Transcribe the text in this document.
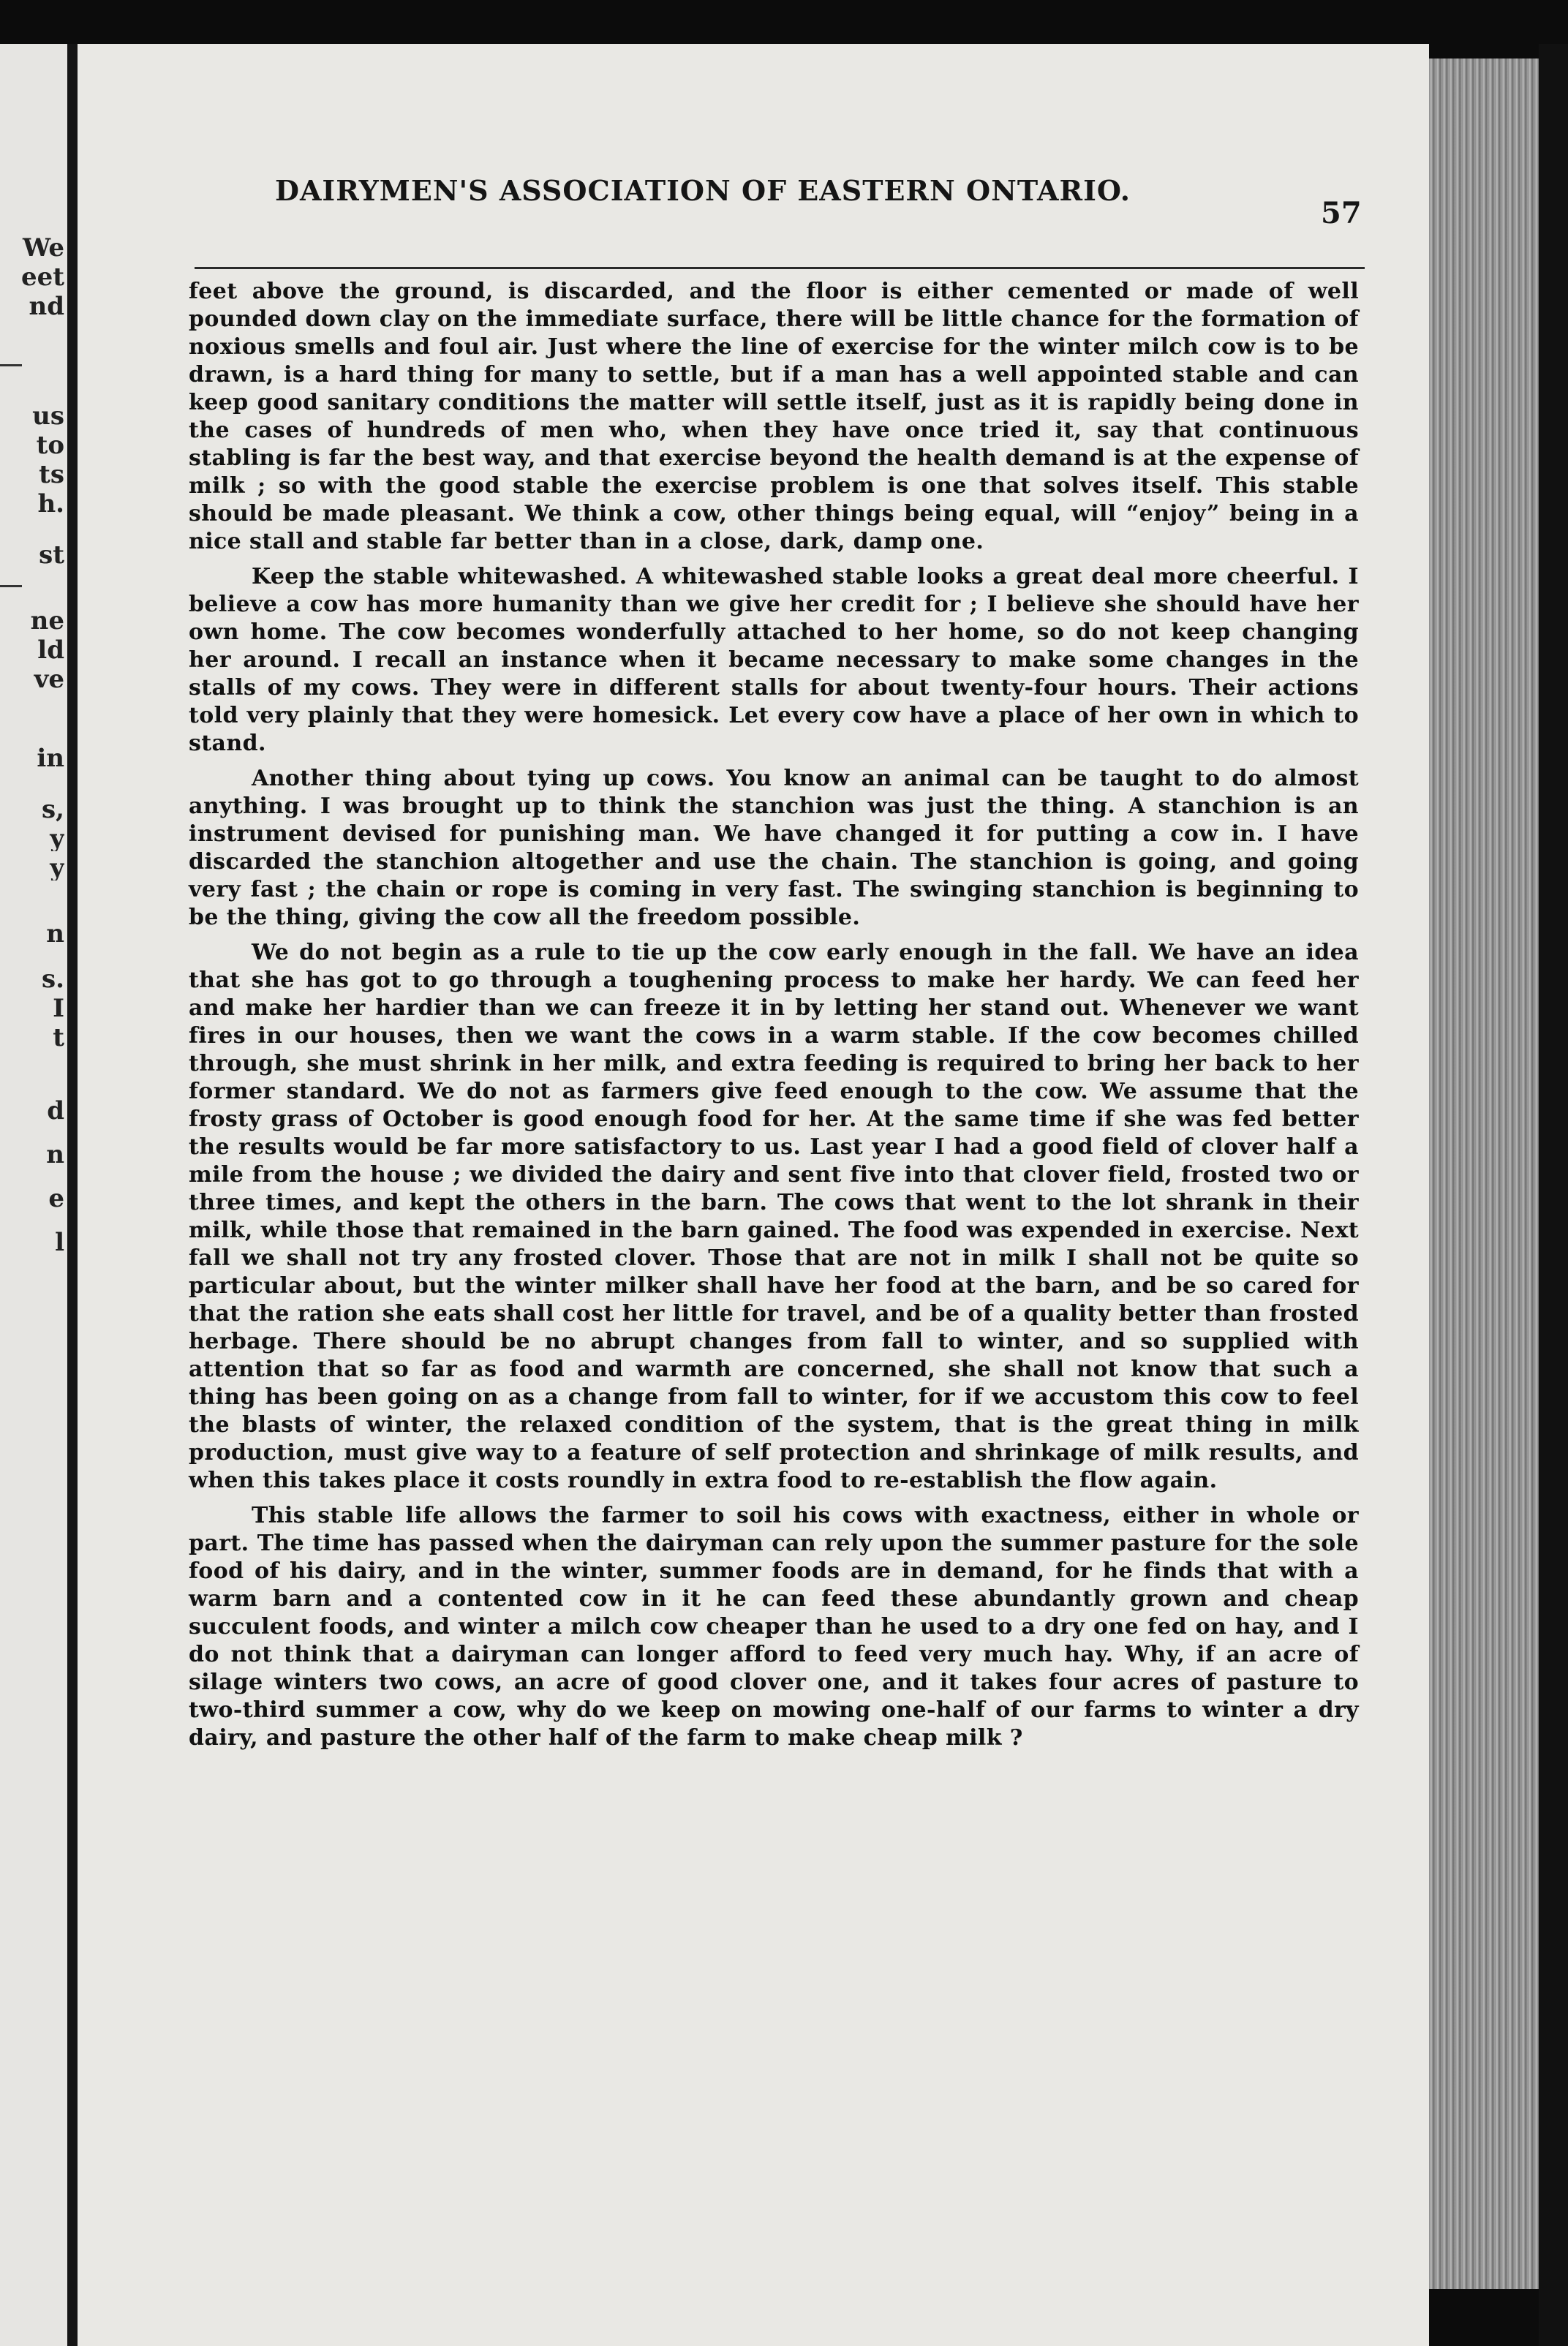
We
eet
nd
us
to
ts
h.
st
ne
ld
ve
in
s,
y
y
n
s.
I
t
d
n
e
l
DAIRYMEN'S ASSOCIATION OF EASTERN ONTARIO.
57

feet above the ground, is discarded, and the floor is either cemented or made of well pounded down clay on the immediate surface, there will be little chance for the formation of noxious smells and foul air. Just where the line of exercise for the winter milch cow is to be drawn, is a hard thing for many to settle, but if a man has a well appointed stable and can keep good sanitary conditions the matter will settle itself, just as it is rapidly being done in the cases of hundreds of men who, when they have once tried it, say that continuous stabling is far the best way, and that exercise beyond the health demand is at the expense of milk ; so with the good stable the exercise problem is one that solves itself. This stable should be made pleasant. We think a cow, other things being equal, will “enjoy” being in a nice stall and stable far better than in a close, dark, damp one.

Keep the stable whitewashed. A whitewashed stable looks a great deal more cheerful. I believe a cow has more humanity than we give her credit for ; I believe she should have her own home. The cow becomes wonderfully attached to her home, so do not keep changing her around. I recall an instance when it became necessary to make some changes in the stalls of my cows. They were in different stalls for about twenty-four hours. Their actions told very plainly that they were homesick. Let every cow have a place of her own in which to stand.

Another thing about tying up cows. You know an animal can be taught to do almost anything. I was brought up to think the stanchion was just the thing. A stanchion is an instrument devised for punishing man. We have changed it for putting a cow in. I have discarded the stanchion altogether and use the chain. The stanchion is going, and going very fast ; the chain or rope is coming in very fast. The swinging stanchion is beginning to be the thing, giving the cow all the freedom possible.

We do not begin as a rule to tie up the cow early enough in the fall. We have an idea that she has got to go through a toughening process to make her hardy. We can feed her and make her hardier than we can freeze it in by letting her stand out. Whenever we want fires in our houses, then we want the cows in a warm stable. If the cow becomes chilled through, she must shrink in her milk, and extra feeding is required to bring her back to her former standard. We do not as farmers give feed enough to the cow. We assume that the frosty grass of October is good enough food for her. At the same time if she was fed better the results would be far more satisfactory to us. Last year I had a good field of clover half a mile from the house ; we divided the dairy and sent five into that clover field, frosted two or three times, and kept the others in the barn. The cows that went to the lot shrank in their milk, while those that remained in the barn gained. The food was expended in exercise. Next fall we shall not try any frosted clover. Those that are not in milk I shall not be quite so particular about, but the winter milker shall have her food at the barn, and be so cared for that the ration she eats shall cost her little for travel, and be of a quality better than frosted herbage. There should be no abrupt changes from fall to winter, and so supplied with attention that so far as food and warmth are concerned, she shall not know that such a thing has been going on as a change from fall to winter, for if we accustom this cow to feel the blasts of winter, the relaxed condition of the system, that is the great thing in milk production, must give way to a feature of self protection and shrinkage of milk results, and when this takes place it costs roundly in extra food to re-establish the flow again.

This stable life allows the farmer to soil his cows with exactness, either in whole or part. The time has passed when the dairyman can rely upon the summer pasture for the sole food of his dairy, and in the winter, summer foods are in demand, for he finds that with a warm barn and a contented cow in it he can feed these abundantly grown and cheap succulent foods, and winter a milch cow cheaper than he used to a dry one fed on hay, and I do not think that a dairyman can longer afford to feed very much hay. Why, if an acre of silage winters two cows, an acre of good clover one, and it takes four acres of pasture to two-third summer a cow, why do we keep on mowing one-half of our farms to winter a dry dairy, and pasture the other half of the farm to make cheap milk ?
